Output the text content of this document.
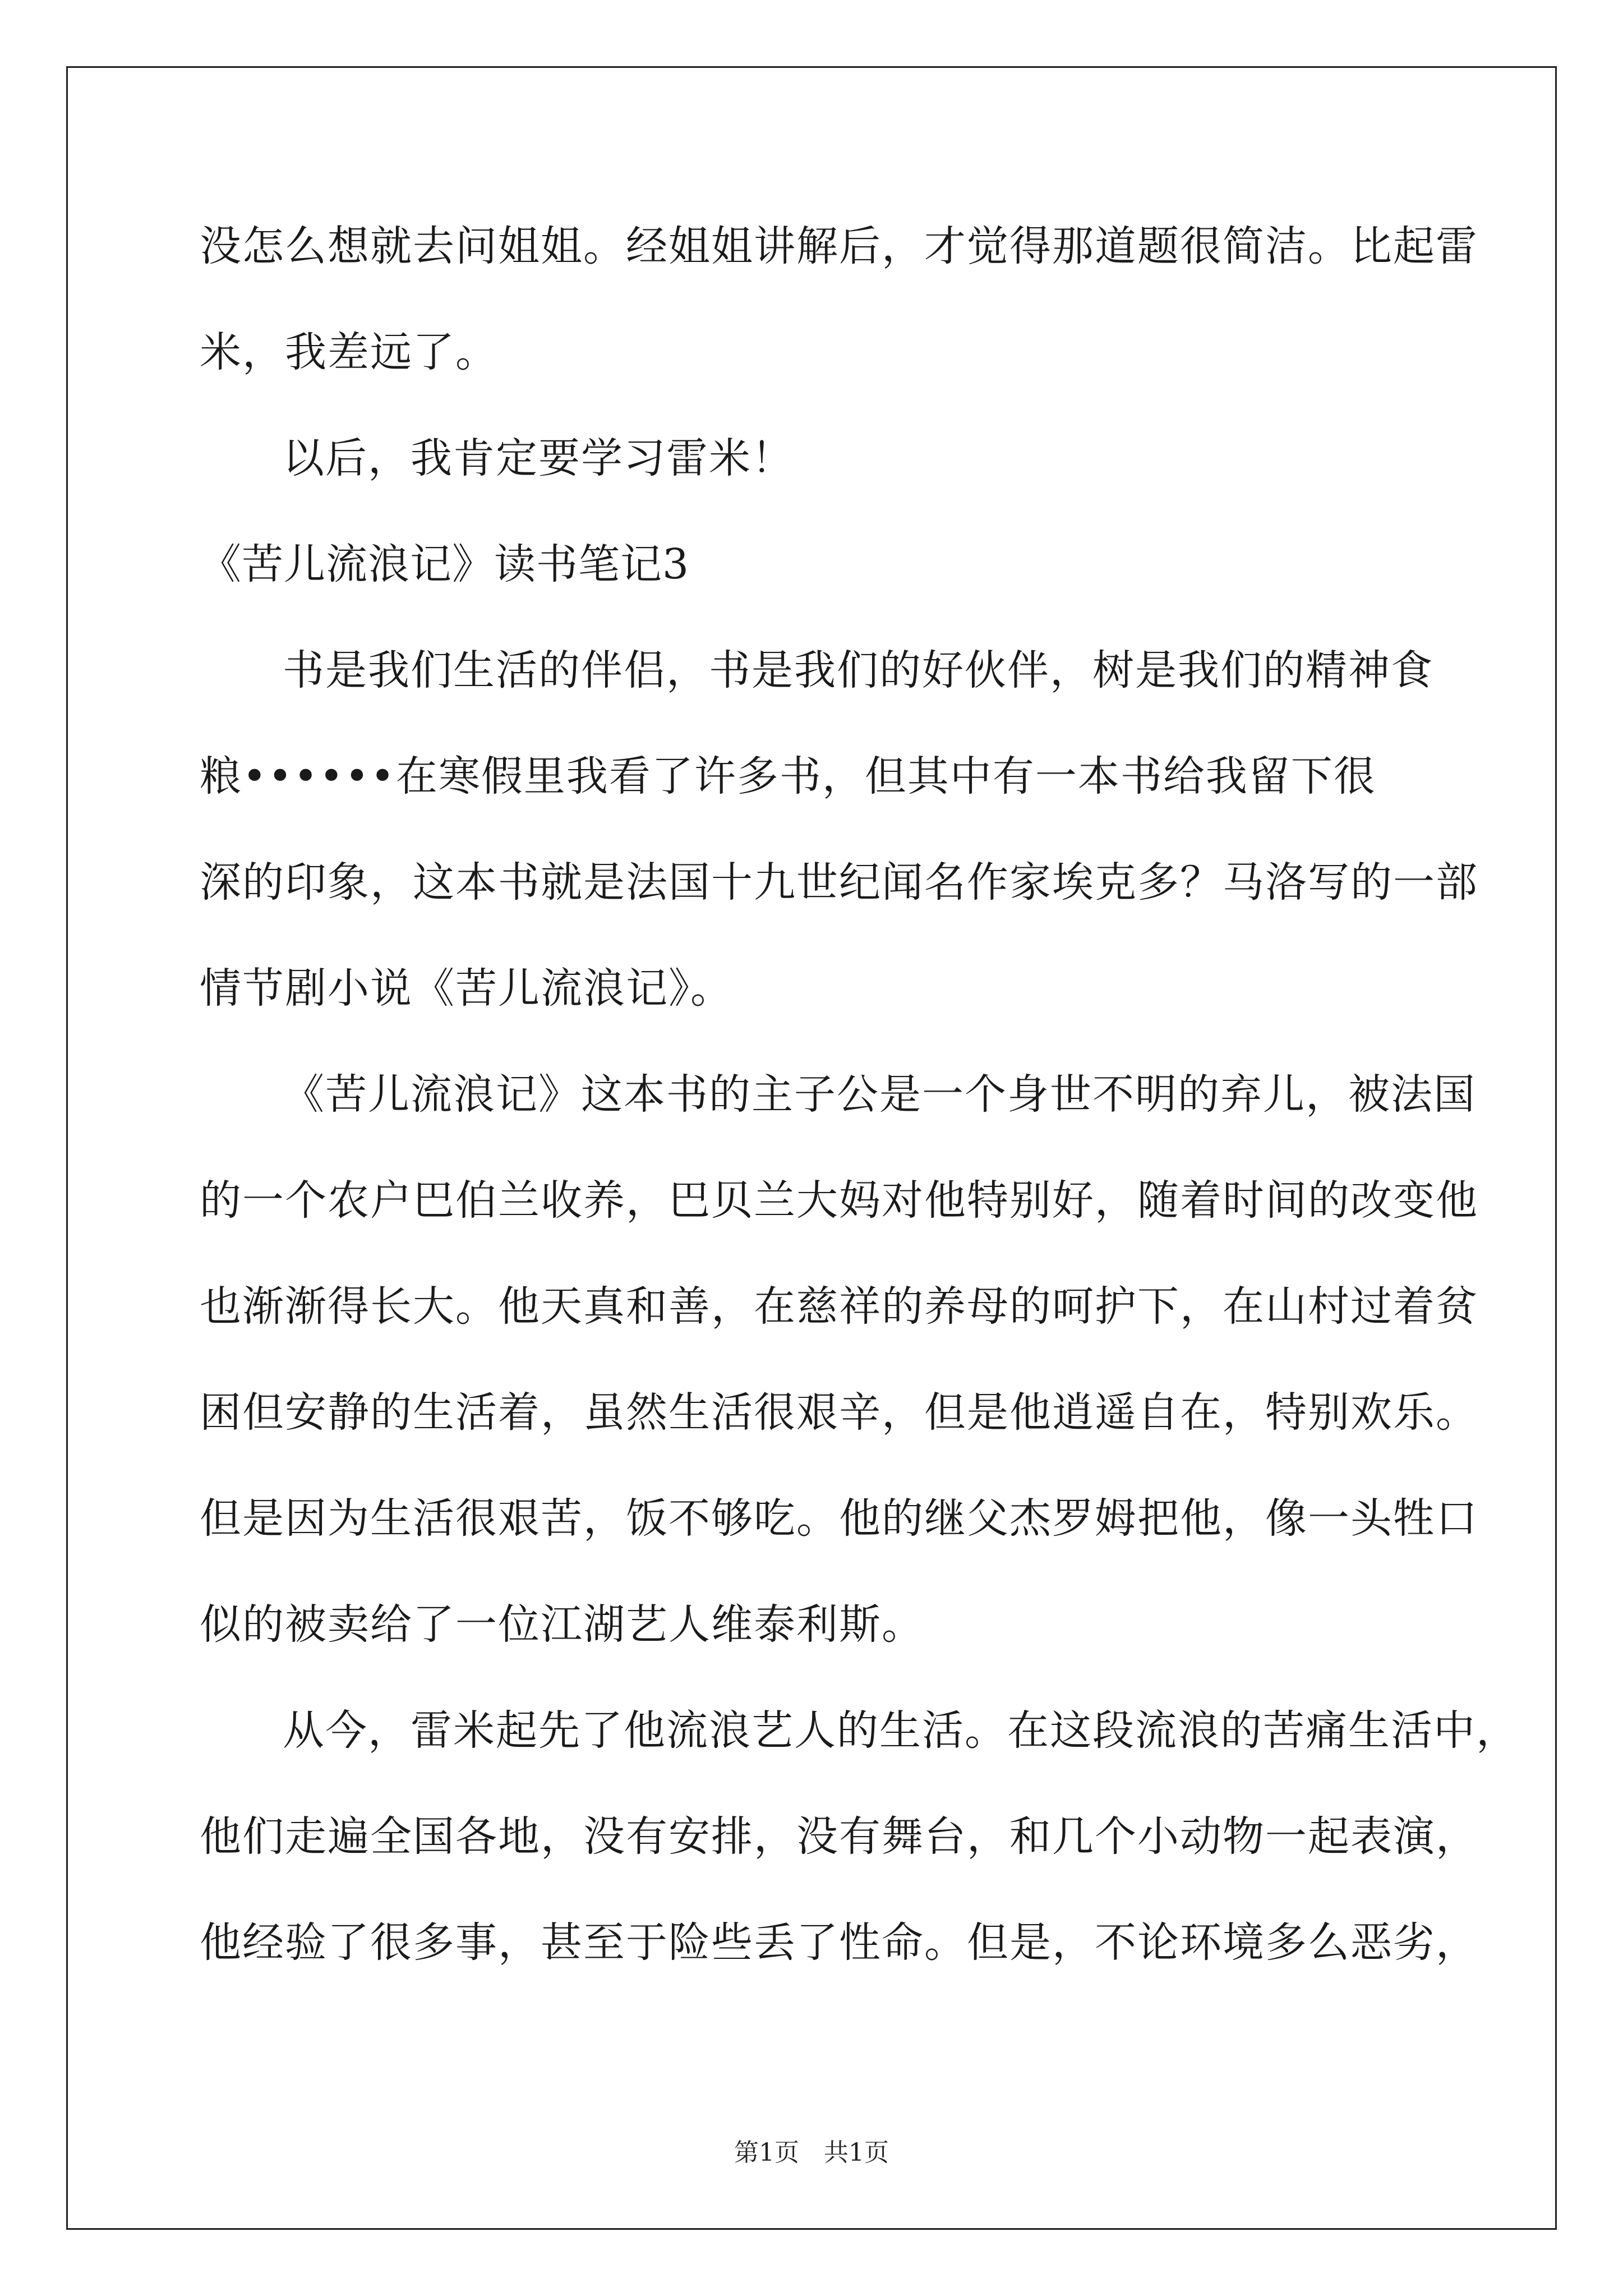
没怎么想就去问姐姐。经姐姐讲解后，才觉得那道题很简洁。比起雷
米，我差远了。
以后，我肯定要学习雷米！
《苦儿流浪记》读书笔记3
书是我们生活的伴侣，书是我们的好伙伴，树是我们的精神食
粮••••••在寒假里我看了许多书，但其中有一本书给我留下很
深的印象，这本书就是法国十九世纪闻名作家埃克多？马洛写的一部
情节剧小说《苦儿流浪记》。
《苦儿流浪记》这本书的主子公是一个身世不明的弃儿，被法国
的一个农户巴伯兰收养，巴贝兰大妈对他特别好，随着时间的改变他
也渐渐得长大。他天真和善，在慈祥的养母的呵护下，在山村过着贫
困但安静的生活着，虽然生活很艰辛，但是他逍遥自在，特别欢乐。
但是因为生活很艰苦，饭不够吃。他的继父杰罗姆把他，像一头牲口
似的被卖给了一位江湖艺人维泰利斯。
从今，雷米起先了他流浪艺人的生活。在这段流浪的苦痛生活中，
他们走遍全国各地，没有安排，没有舞台，和几个小动物一起表演，
他经验了很多事，甚至于险些丢了性命。但是，不论环境多么恶劣，
第1页　共1页
